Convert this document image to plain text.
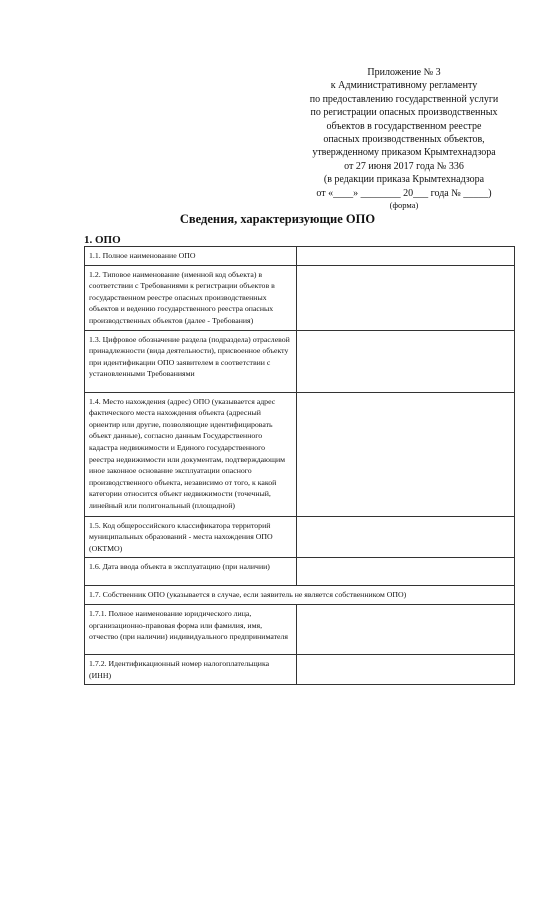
Приложение № 3
к Административному регламенту
по предоставлению государственной услуги
по регистрации опасных производственных
объектов в государственном реестре
опасных производственных объектов,
утвержденному приказом Крымтехнадзора
от 27 июня 2017 года № 336
(в редакции приказа Крымтехнадзора
от «____» ________ 20___ года № _____)
(форма)
Сведения, характеризующие ОПО
1. ОПО
1.1. Полное наименование ОПО	
1.2. Типовое наименование (именной код объекта) в соответствии с Требованиями к регистрации объектов в государственном реестре опасных производственных объектов и ведению государственного реестра опасных производственных объектов (далее - Требования)	
1.3. Цифровое обозначение раздела (подраздела) отраслевой принадлежности (вида деятельности), присвоенное объекту при идентификации ОПО заявителем в соответствии с установленными Требованиями	
1.4. Место нахождения (адрес) ОПО (указывается адрес фактического места нахождения объекта (адресный ориентир или другие, позволяющие идентифицировать объект данные), согласно данным Государственного кадастра недвижимости и Единого государственного реестра недвижимости или документам, подтверждающим иное законное основание эксплуатации опасного производственного объекта, независимо от того, к какой категории относится объект недвижимости (точечный, линейный или полигональный (площадной)	
1.5. Код общероссийского классификатора территорий муниципальных образований - места нахождения ОПО (ОКТМО)	
1.6. Дата ввода объекта в эксплуатацию (при наличии)	
1.7. Собственник ОПО (указывается в случае, если заявитель не является собственником ОПО)	
1.7.1. Полное наименование юридического лица, организационно-правовая форма или фамилия, имя, отчество (при наличии) индивидуального предпринимателя	
1.7.2. Идентификационный номер налогоплательщика (ИНН)	
